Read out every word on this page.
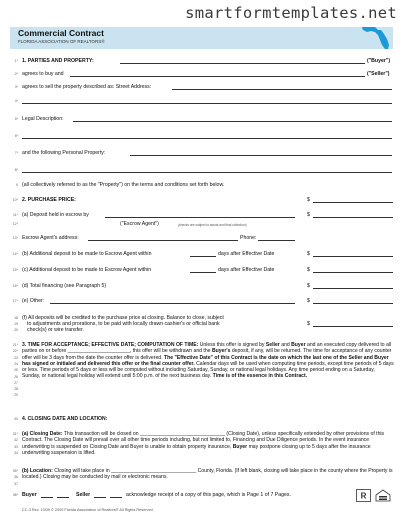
smartformtemplates.net
Commercial Contract
FLORIDA ASSOCIATION OF REALTORS®
1* 1. PARTIES AND PROPERTY:	("Buyer")
2* agrees to buy and	("Seller")
3* agrees to sell the property described as: Street Address:
4*
5* Legal Description:
6*
7* and the following Personal Property:
8*
9 (all collectively referred to as the "Property") on the terms and conditions set forth below.
10* 2. PURCHASE PRICE:	$
11* (a) Deposit held in escrow by	$
12*	("Escrow Agent")	(checks are subject to actual and final collection)
13* Escrow Agent's address:	Phone:
14* (b) Additional deposit to be made to Escrow Agent within	days after Effective Date	$
15* (c) Additional deposit to be made to Escrow Agent within	days after Effective Date	$
16* (d) Total financing (see Paragraph 5)	$
17* (e) Other:	$
18 (f) All deposits will be credited to the purchase price at closing. Balance to close, subject
19 to adjustments and prorations, to be paid with locally drawn cashier's or official bank	$
20 check(s) or wire transfer.
21*
22*
23
24
25
26
27
28
29
3. TIME FOR ACCEPTANCE; EFFECTIVE DATE; COMPUTATION OF TIME: Unless this offer is signed by Seller and Buyer and an executed copy delivered to all parties on or before ______________________, this offer will be withdrawn and the Buyer's deposit, if any, will be returned. The time for acceptance of any counter offer will be 3 days from the date the counter offer is delivered. The "Effective Date" of this Contract is the date on which the last one of the Seller and Buyer has signed or initialed and delivered this offer or the final counter offer. Calendar days will be used when computing time periods, except time periods of 5 days or less. Time periods of 5 days or less will be computed without including Saturday, Sunday, or national legal holidays. Any time period ending on a Saturday, Sunday, or national legal holiday will extend until 5:00 p.m. of the next business day. Time is of the essence in this Contract.
30
31*
32
33
34
35*
36
37
4. CLOSING DATE AND LOCATION:
(a) Closing Date: This transaction will be closed on ______________________________ (Closing Date), unless specifically extended by other provisions of this Contract. The Closing Date will prevail over all other time periods including, but not limited to, Financing and Due Diligence periods. In the event insurance underwriting is suspended on Closing Date and Buyer is unable to obtain property insurance, Buyer may postpone closing up to 5 days after the insurance underwriting suspension is lifted.
(b) Location: Closing will take place in ______________________________ County, Florida. (If left blank, closing will take place in the county where the Property is located.) Closing may be conducted by mail or electronic means.
38* Buyer	Seller	acknowledge receipt of a copy of this page, which is Page 1 of 7 Pages.	R
CC-3 Rev. 10/09 © 2009 Florida Association of Realtors® All Rights Reserved
